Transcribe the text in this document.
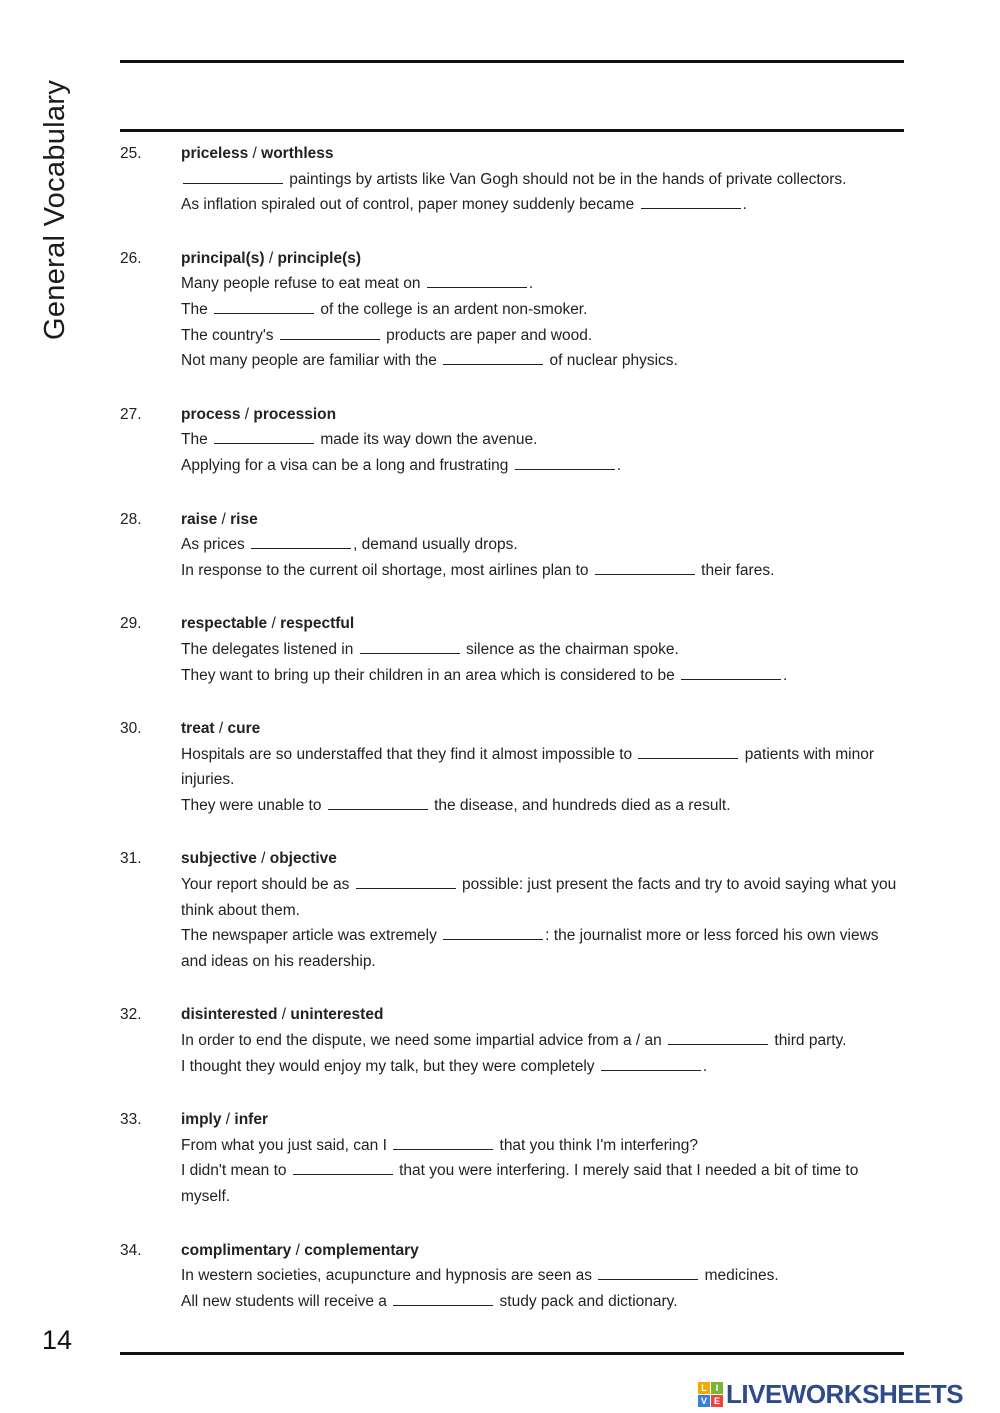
General Vocabulary	25.	priceless / worthless
paintings by artists like Van Gogh should not be in the hands of private collectors.
As inflation spiraled out of control, paper money suddenly became	.
26.	principal(s) / principle(s)
Many people refuse to eat meat on	.
The	of the college is an ardent non-smoker.
The country's	products are paper and wood.
Not many people are familiar with the	of nuclear physics.
27.	process / procession
The	made its way down the avenue.
Applying for a visa can be a long and frustrating	.
28.	raise / rise
As prices	, demand usually drops.
In response to the current oil shortage, most airlines plan to	their fares.
29.	respectable / respectful
The delegates listened in	silence as the chairman spoke.
They want to bring up their children in an area which is considered to be	.
30.	treat / cure
Hospitals are so understaffed that they find it almost impossible to	patients with minor injuries.
They were unable to	the disease, and hundreds died as a result.
31.	subjective / objective
Your report should be as	possible: just present the facts and try to avoid saying what you think about them.
The newspaper article was extremely	: the journalist more or less forced his own views and ideas on his readership.
32.	disinterested / uninterested
In order to end the dispute, we need some impartial advice from a / an	third party.
I thought they would enjoy my talk, but they were completely	.
33.	imply / infer
From what you just said, can I	that you think I'm interfering?
I didn't mean to	that you were interfering. I merely said that I needed a bit of time to myself.
34.	complimentary / complementary
In western societies, acupuncture and hypnosis are seen as	medicines.
All new students will receive a	study pack and dictionary.
14
L I
V E LIVEWORKSHEETS
